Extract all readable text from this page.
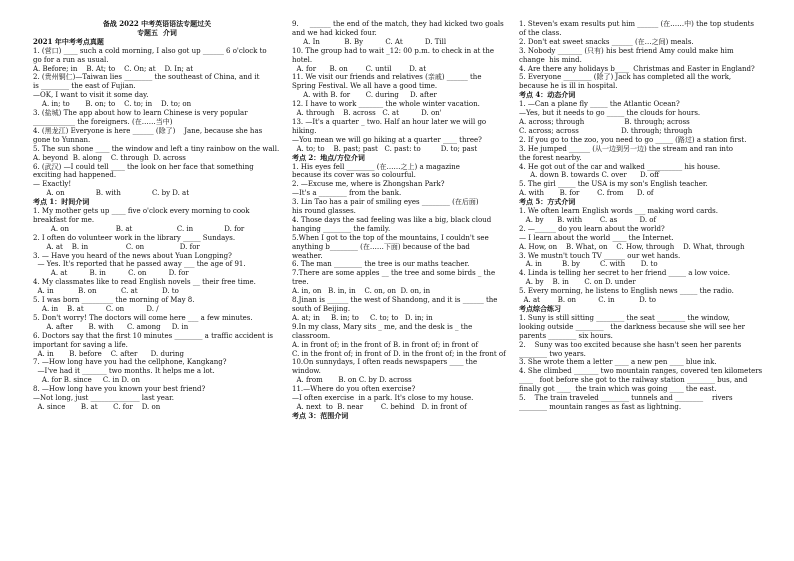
备战 2022 中考英语语法专题过关
专题五  介词
2021 年中考考点真题
1. (营口) ____ such a cold morning, I also got up ______ 6 o'clock to
go for a run as usual.
A. Before; in    B. At; to    C. On; at    D. In; at
2. (贵州铜仁)—Taiwan lies ________ the southeast of China, and it
is ________ the east of Fujian.
—OK, I want to visit it some day.
A. in; to       B. on; to    C. to; in    D. to; on
3. (盐城) The app about how to learn Chinese is very popular
____________ the foreigners. (在……当中)
4. (黑龙江) Everyone is here ______ (除了)    Jane, because she has
gone to Yunnan.
5. The sun shone ____ the window and left a tiny rainbow on the wall.
A. beyond  B. along    C. through  D. across
6. (武汉) —I could tell ____ the look on her face that something
exciting had happened.
— Exactly!
A. on              B. with              C. by D. at
考点 1：时间介词
1. My mother gets up ____ five o'clock every morning to cook
breakfast for me.
A. on                     B. at                    C. in              D. for
2. I often do volunteer work in the library _____ Sundays.
A. at    B. in                 C. on                D. for
3. — Have you heard of the news about Yuan Longping?
— Yes. It's reported that he passed away ___ the age of 91.
A. at          B. in          C. on          D. for
4. My classmates like to read English novels __ their free time.
A. in           B. on           C. at           D. to
5. I was born _________ the morning of May 8.
A. in    B. at          C. on          D. /
5. Don't worry! The doctors will come here ___ a few minutes.
A. after       B. with      C. among     D. in
6. Doctors say that the first 10 minutes ________ a traffic accident is
important for saving a life.
A. in       B. before    C. after      D. during
7. —How long have you had the cellphone, Kangkang?
—I've had it _______ two months. It helps me a lot.
A. for B. since     C. in D. on
8. —How long have you known your best friend?
—Not long, just ______________ last year.
A. since       B. at       C. for    D. on
9.     ______ the end of the match, they had kicked two goals
and we had kicked four.
A. In           B. By          C. At          D. Till
10. The group had to wait _12: 00 p.m. to check in at the
hotel.
A. for      B. on        C. until        D. at
11. We visit our friends and relatives (亲戚) ______ the
Spring Festival. We all have a good time.
A. with B. for       C. during     D. after
12. I have to work _______ the whole winter vacation.
A. through    B. across   C. at          D. on'
13. —It's a quarter _ two. Half an hour later we will go
hiking.
—You mean we will go hiking at a quarter ____ three?
A. to; to    B. past; past   C. past: to         D. to; past
考点 2：地点/方位介词
1. His eyes fell ________ (在……之上) a magazine
because its cover was so colourful.
2. —Excuse me, where is Zhongshan Park?
—It's a ________ from the bank.
3. Lin Tao has a pair of smiling eyes ________ (在后面)
his round glasses.
4. Those days the sad feeling was like a big, black cloud
hanging ________ the family.
5.When I got to the top of the mountains, I couldn't see
anything b________ (在……下面) because of the bad
weather.
6. The man ________ the tree is our maths teacher.
7.There are some apples __ the tree and some birds _ the
tree.
A. in, on   B. in, in    C. on, on  D. on, in
8.Jinan is ______ the west of Shandong, and it is ______ the
south of Beijing.
A. at; in     B. in; to     C. to; to   D. in; in
9.In my class, Mary sits _ me, and the desk is _ the
classroom.
A. in front of; in the front of B. in front of; in front of
C. in the front of; in front of D. in the front of; in the front of
10.On sunnydays, I often reads newspapers ____ the
window.
A. from       B. on C. by D. across
11.—Where do you often exercise?
—I often exercise  in a park. It's close to my house.
A. next  to  B. near        C. behind   D. in front of
考点 3：范围介词
1. Steven's exam results put him ______ (在……中) the top students
of the class.
2. Don't eat sweet snacks ______ (在…之间) meals.
3. Nobody _______ (只有) his best friend Amy could make him
change  his mind.
4. Are there any holidays b____  Christmas and Easter in England?
5. Everyone ________ (除了) Jack has completed all the work,
because he is ill in hospital.
考点 4：动态介词
1. —Can a plane fly _____ the Atlantic Ocean?
—Yes, but it needs to go _____ the clouds for hours.
A. across; through                  B. through; across
C. across; across                   D. through; through
2. If you go to the zoo, you need to go _____ (路过) a station first.
3. He jumped ______ (从一边到另一边) the stream and ran into
the forest nearby.
4. He got out of the car and walked __________ his house.
A. down B. towards C. over      D. off
5. The girl _____ the USA is my son's English teacher.
A. with       B. for        C. from      D. of
考点 5：方式介词
1. We often learn English words ___ making word cards.
A. by      B. with        C. as          D. of
2. —______ do you learn about the world?
— I learn about the world ____ the Internet.
A. How, on    B. What, on    C. How, through    D. What, through
3. We mustn't touch TV ______ our wet hands.
A. in         B. by         C. with       D. to
4. Linda is telling her secret to her friend _____ a low voice.
A. by    B. in       C. on D. under
5. Every morning, he listens to English news _____ the radio.
A. at        B. on          C. in           D. to
考点综合练习
1. Suny is still sitting ________ the seat ________ the window,
looking outside ________   the darkness because she will see her
parents ________ six hours.
2.    Suny was too excited because she hasn't seen her parents
________ two years.
3. She wrote them a letter ____ a new pen ____ blue ink.
4. She climbed _______ two mountain ranges, covered ten kilometers
____   foot before she got to the railway station ________ bus, and
finally got ____  the train which was going ____ the east.
5.    The train traveled ________ tunnels and ________    rivers
________ mountain ranges as fast as lightning.
